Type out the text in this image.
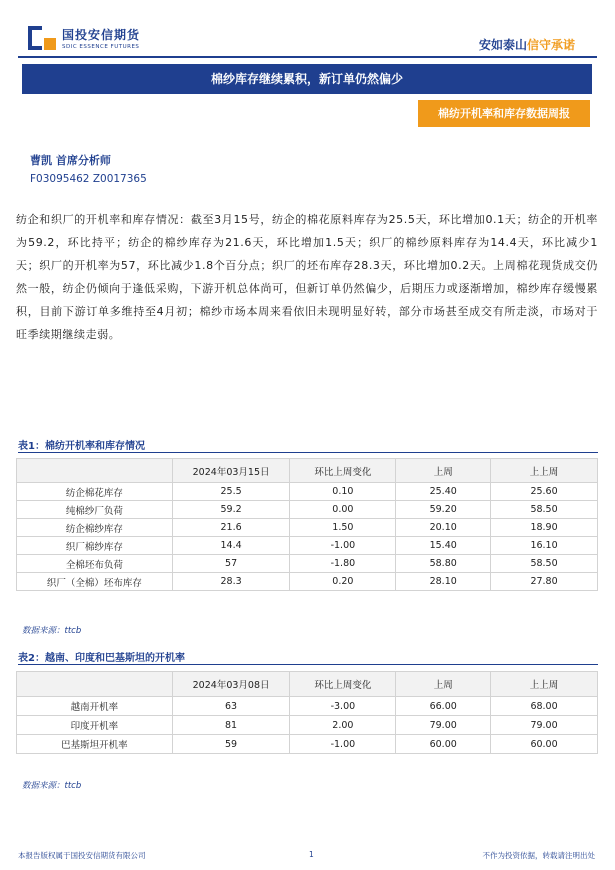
国投安信期货
SDIC ESSENCE FUTURES	安如泰山信守承诺
棉纱库存继续累积，新订单仍然偏少
棉纺开机率和库存数据周报
曹凯 首席分析师
F03095462 Z0017365
纺企和织厂的开机率和库存情况：截至3月15号，纺企的棉花原料库存为25.5天，环比增加0.1天；纺企的开机率为59.2，环比持平；纺企的棉纱库存为21.6天，环比增加1.5天；织厂的棉纱原料库存为14.4天，环比减少1天；织厂的开机率为57，环比减少1.8个百分点；织厂的坯布库存28.3天，环比增加0.2天。上周棉花现货成交仍然一般，纺企仍倾向于逢低采购，下游开机总体尚可，但新订单仍然偏少，后期压力或逐渐增加，棉纱库存缓慢累积，目前下游订单多维持至4月初；棉纱市场本周来看依旧未现明显好转，部分市场甚至成交有所走淡，市场对于旺季续期继续走弱。
表1：棉纺开机率和库存情况
	2024年03月15日	环比上周变化	上周	上上周
纺企棉花库存	25.5	0.10	25.40	25.60
纯棉纱厂负荷	59.2	0.00	59.20	58.50
纺企棉纱库存	21.6	1.50	20.10	18.90
织厂棉纱库存	14.4	-1.00	15.40	16.10
全棉坯布负荷	57	-1.80	58.80	58.50
织厂（全棉）坯布库存	28.3	0.20	28.10	27.80
数据来源：ttcb
表2：越南、印度和巴基斯坦的开机率
	2024年03月08日	环比上周变化	上周	上上周
越南开机率	63	-3.00	66.00	68.00
印度开机率	81	2.00	79.00	79.00
巴基斯坦开机率	59	-1.00	60.00	60.00
数据来源：ttcb
本报告版权属于国投安信期货有限公司	1	不作为投资依据，转载请注明出处
